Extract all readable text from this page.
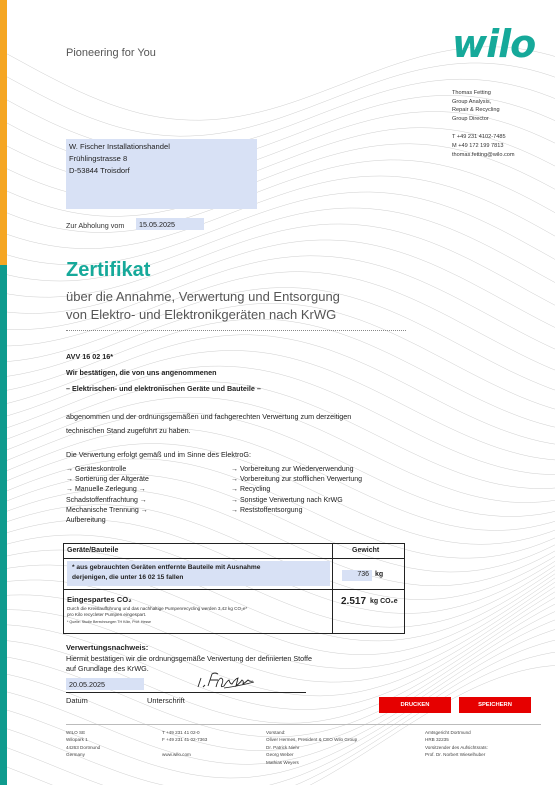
Pioneering for You	wilo
Thomas Fetting
Group Analysis,
Repair & Recycling
Group Director
T +49 231 4102-7485
M +49 172 199 7813
thomas.fetting@wilo.com
W. Fischer Installationshandel
Frühlingstrasse 8
D-53844 Troisdorf
Zur Abholung vom	15.05.2025
Zertifikat
über die Annahme, Verwertung und Entsorgung
von Elektro- und Elektronikgeräten nach KrWG
AVV 16 02 16*
Wir bestätigen, die von uns angenommenen
– Elektrischen- und elektronischen Geräte und Bauteile –
abgenommen und der ordnungsgemäßen und fachgerechten Verwertung zum derzeitigen
technischen Stand zugeführt zu haben.
Die Verwertung erfolgt gemäß und im Sinne des ElektroG:
→ Geräteskontrolle
→ Sortierung der Altgeräte
→ Manuelle Zerlegung →
Schadstoffentfrachtung →
Mechanische Trennung →
Aufbereitung
→ Vorbereitung zur Wiederverwendung
→ Vorbereitung zur stofflichen Verwertung
→ Recycling
→ Sonstige Verwertung nach KrWG
→ Reststoffentsorgung
Geräte/Bauteile	Gewicht
* aus gebrauchten Geräten entfernte Bauteile mit Ausnahme
derjenigen, die unter 16 02 15 fallen	736 kg
Eingespartes CO₂
Durch die Kreislaufführung und das nachhaltige Pumpenrecycling werden 3,42 kg CO₂e*
pro Kilo recycleter Pumpen eingespart.
* Quelle: Studie Berechnungen TH Köln, Prof. Hesse
2.517 kg CO₂e
Verwertungsnachweis:
Hiermit bestätigen wir die ordnungsgemäße Verwertung der definierten Stoffe
auf Grundlage des KrWG.
20.05.2025
Datum	Unterschrift	DRUCKEN	SPEICHERN
WILO SE
Wilopark 1
44263 Dortmund
Germany
T +49 231 41 02-0
F +49 231 41 02-7363

www.wilo.com
Vorstand:
Oliver Hermes, President & CEO Wilo Group
Dr. Patrick Niehr
Georg Weber
Mathias Weyers
Amtsgericht Dortmund
HRB 32235
Vorsitzender des Aufsichtsrats:
Prof. Dr. Norbert Wieselhuber
